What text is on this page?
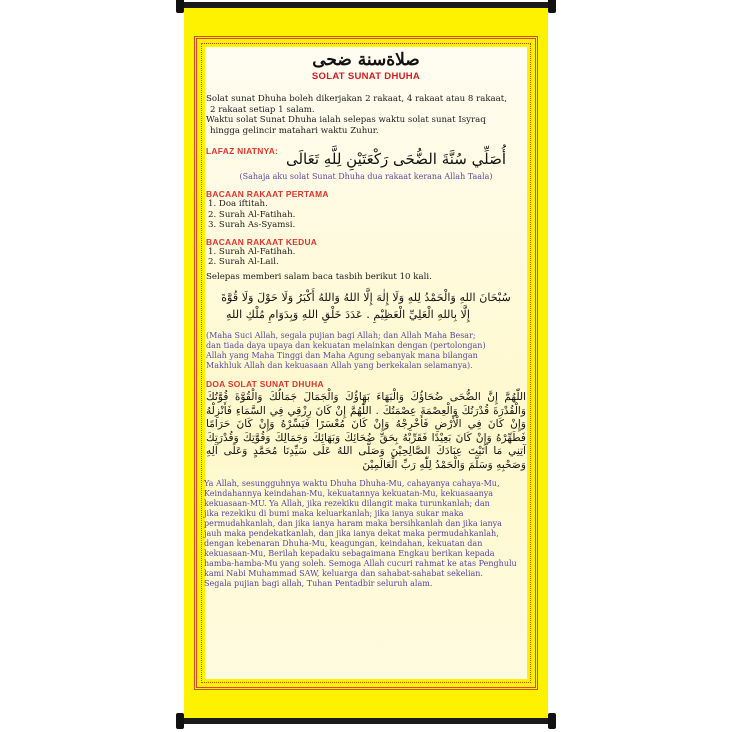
صلاةسنة ضحى
SOLAT SUNAT DHUHA

Solat sunat Dhuha boleh dikerjakan 2 rakaat, 4 rakaat atau 8 rakaat,

2 rakaat setiap 1 salam.

Waktu solat Sunat Dhuha ialah selepas waktu solat sunat Isyraq

hingga gelincir matahari waktu Zuhur.

LAFAZ NIATNYA: أُصَلِّي سُنَّةَ الضُّحَى رَكْعَتَيْنِ لِلَّهِ تَعَالَى
(Sahaja aku solat Sunat Dhuha dua rakaat kerana Allah Taala)
BACAAN RAKAAT PERTAMA
1. Doa iftitah.
2. Surah Al-Fatihah.
3. Surah As-Syamsi.
BACAAN RAKAAT KEDUA
1. Surah Al-Fatihah.
2. Surah Al-Lail.

Selepas memberi salam baca tasbih berikut 10 kali.

سُبْحَانَ اللهِ وَالْحَمْدُ لِلهِ وَلَا إِلٰهَ إِلَّا اللهُ وَاللهُ أَكْبَرُ وَلَا حَوْلَ وَلَا قُوَّةَ
إِلَّا بِاللهِ الْعَلِيِّ الْعَظِيْمِ . عَدَدَ خَلْقِ اللهِ وَبِدَوَامِ مُلْكِ اللهِ
(Maha Suci Allah, segala pujian bagi Allah; dan Allah Maha Besar;
dan tiada daya upaya dan kekuatan melainkan dengan (pertolongan)
Allah yang Maha Tinggi dan Maha Agung sebanyak mana bilangan
Makhluk Allah dan kekuasaan Allah yang berkekalan selamanya).
DOA SOLAT SUNAT DHUHA
اللّٰهُمَّ إِنَّ الضُّحَى ضُحَاؤُكَ وَالْبَهَاءَ بَهَاؤُكَ وَالْجَمَالَ جَمَالُكَ وَالْقُوَّةَ قُوَّتُكَ وَالْقُدْرَةَ قُدْرَتُكَ وَالْعِصْمَةَ عِصْمَتُكَ . اللّٰهُمَّ إِنْ كَانَ رِزْقِي فِي السَّمَاءِ فَأَنْزِلْهُ وَإِنْ كَانَ فِي الْأَرْضِ فَأَخْرِجْهُ وَإِنْ كَانَ مُعْسَرًا فَيَسِّرْهُ وَإِنْ كَانَ حَرَامًا فَطَهِّرْهُ وَإِنْ كَانَ بَعِيْدًا فَقَرِّبْهُ بِحَقِّ ضُحَائِكَ وَبَهَائِكَ وَجَمَالِكَ وَقُوَّتِكَ وَقُدْرَتِكَ آتِنِي مَا آتَيْتَ عِبَادَكَ الصَّالِحِيْنَ وَصَلَّى اللهُ عَلَى سَيِّدِنَا مُحَمَّدٍ وَعَلَى آلِهِ وَصَحْبِهِ وَسَلَّمَ وَالْحَمْدُ لِلّٰهِ رَبِّ الْعَالَمِيْنَ
Ya Allah, sesungguhnya waktu Dhuha Dhuha-Mu, cahayanya cahaya-Mu,
Keindahannya keindahan-Mu, kekuatannya kekuatan-Mu, kekuasaanya
kekuasaan-MU. Ya Allah, jika rezekiku dilangit maka turunkanlah; dan
jika rezekiku di bumi maka keluarkanlah; jika ianya sukar maka
permudahkanlah, dan jika ianya haram maka bersihkanlah dan jika ianya
jauh maka pendekatkanlah, dan jika ianya dekat maka permudahkanlah,
dengan kebenaran Dhuha-Mu, keagungan, keindahan, kekuatan dan
kekuasaan-Mu, Berilah kepadaku sebagaimana Engkau berikan kepada
hamba-hamba-Mu yang soleh. Semoga Allah cucuri rahmat ke atas Penghulu
kami Nabi Muhammad SAW, keluarga dan sahabat-sahabat sekelian.
Segala pujian bagi allah, Tuhan Pentadbir seluruh alam.
